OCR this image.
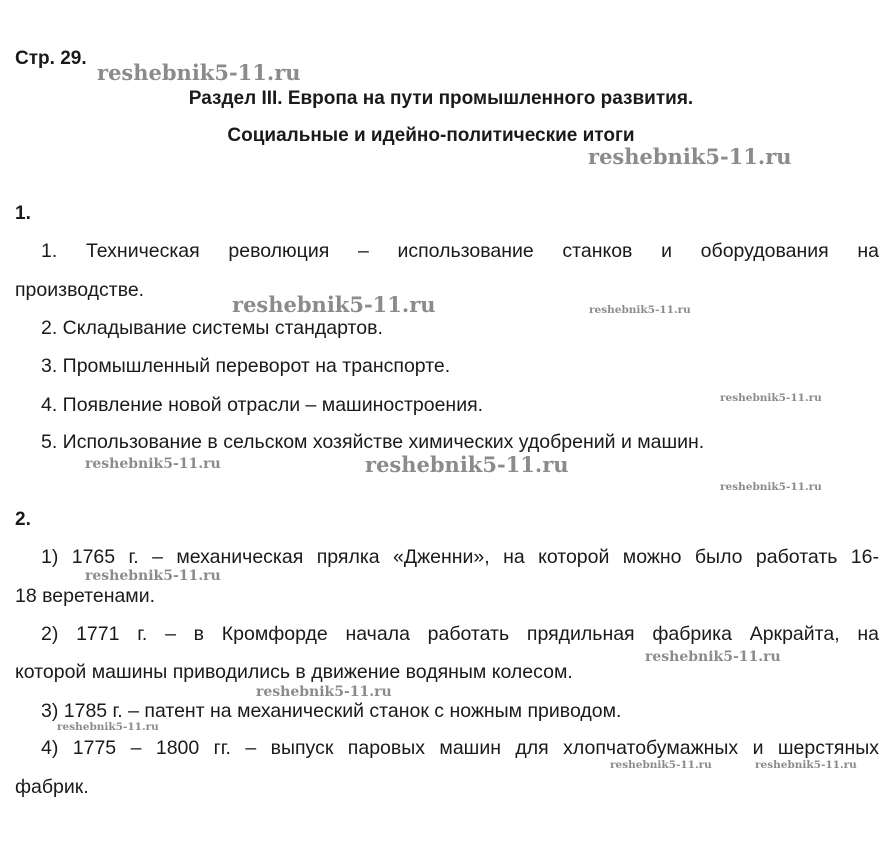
Стр. 29.
Раздел III. Европа на пути промышленного развития.
Социальные и идейно-политические итоги
1.
1. Техническая революция – использование станков и оборудования на
производстве.
2. Складывание системы стандартов.
3. Промышленный переворот на транспорте.
4. Появление новой отрасли – машиностроения.
5. Использование в сельском хозяйстве химических удобрений и машин.
2.
1) 1765 г. – механическая прялка «Дженни», на которой можно было работать 16-
18 веретенами.
2) 1771 г. – в Кромфорде начала работать прядильная фабрика Аркрайта, на
которой машины приводились в движение водяным колесом.
3) 1785 г. – патент на механический станок с ножным приводом.
4) 1775 – 1800 гг. – выпуск паровых машин для хлопчатобумажных и шерстяных
фабрик.
reshebnik5-11.ru
reshebnik5-11.ru
reshebnik5-11.ru	reshebnik5-11.ru
reshebnik5-11.ru
reshebnik5-11.ru	reshebnik5-11.ru
reshebnik5-11.ru
reshebnik5-11.ru
reshebnik5-11.ru
reshebnik5-11.ru
reshebnik5-11.ru
reshebnik5-11.ru	reshebnik5-11.ru
